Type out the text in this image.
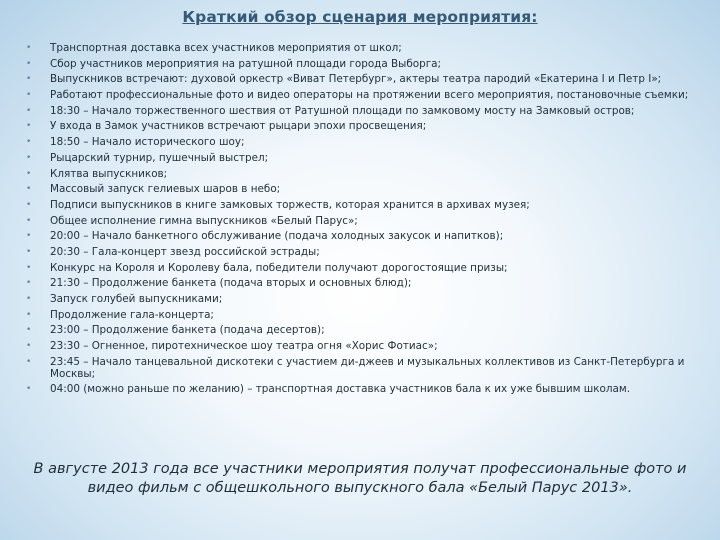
Краткий обзор сценария мероприятия:
• Транспортная доставка всех участников мероприятия от школ;
• Сбор участников мероприятия на ратушной площади города Выборга;
• Выпускников встречают: духовой оркестр «Виват Петербург», актеры театра пародий «Екатерина I и Петр I»;
• Работают профессиональные фото и видео операторы на протяжении всего мероприятия, постановочные съемки;
• 18:30 – Начало торжественного шествия от Ратушной площади по замковому мосту на Замковый остров;
• У входа в Замок участников встречают рыцари эпохи просвещения;
• 18:50 – Начало исторического шоу;
• Рыцарский турнир, пушечный выстрел;
• Клятва выпускников;
• Массовый запуск гелиевых шаров в небо;
• Подписи выпускников в книге замковых торжеств, которая хранится в архивах музея;
• Общее исполнение гимна выпускников «Белый Парус»;
• 20:00 – Начало банкетного обслуживание (подача холодных закусок и напитков);
• 20:30 – Гала-концерт звезд российской эстрады;
• Конкурс на Короля и Королеву бала, победители получают дорогостоящие призы;
• 21:30 – Продолжение банкета (подача вторых и основных блюд);
• Запуск голубей выпускниками;
• Продолжение гала-концерта;
• 23:00 – Продолжение банкета (подача десертов);
• 23:30 – Огненное, пиротехническое шоу театра огня «Хорис Фотиас»;
• 23:45 – Начало танцевальной дискотеки с участием ди-джеев и музыкальных коллективов из Санкт-Петербурга и Москвы;
• 04:00 (можно раньше по желанию) – транспортная доставка участников бала к их уже бывшим школам.
В августе 2013 года все участники мероприятия получат профессиональные фото и видео фильм с общешкольного выпускного бала «Белый Парус 2013».
